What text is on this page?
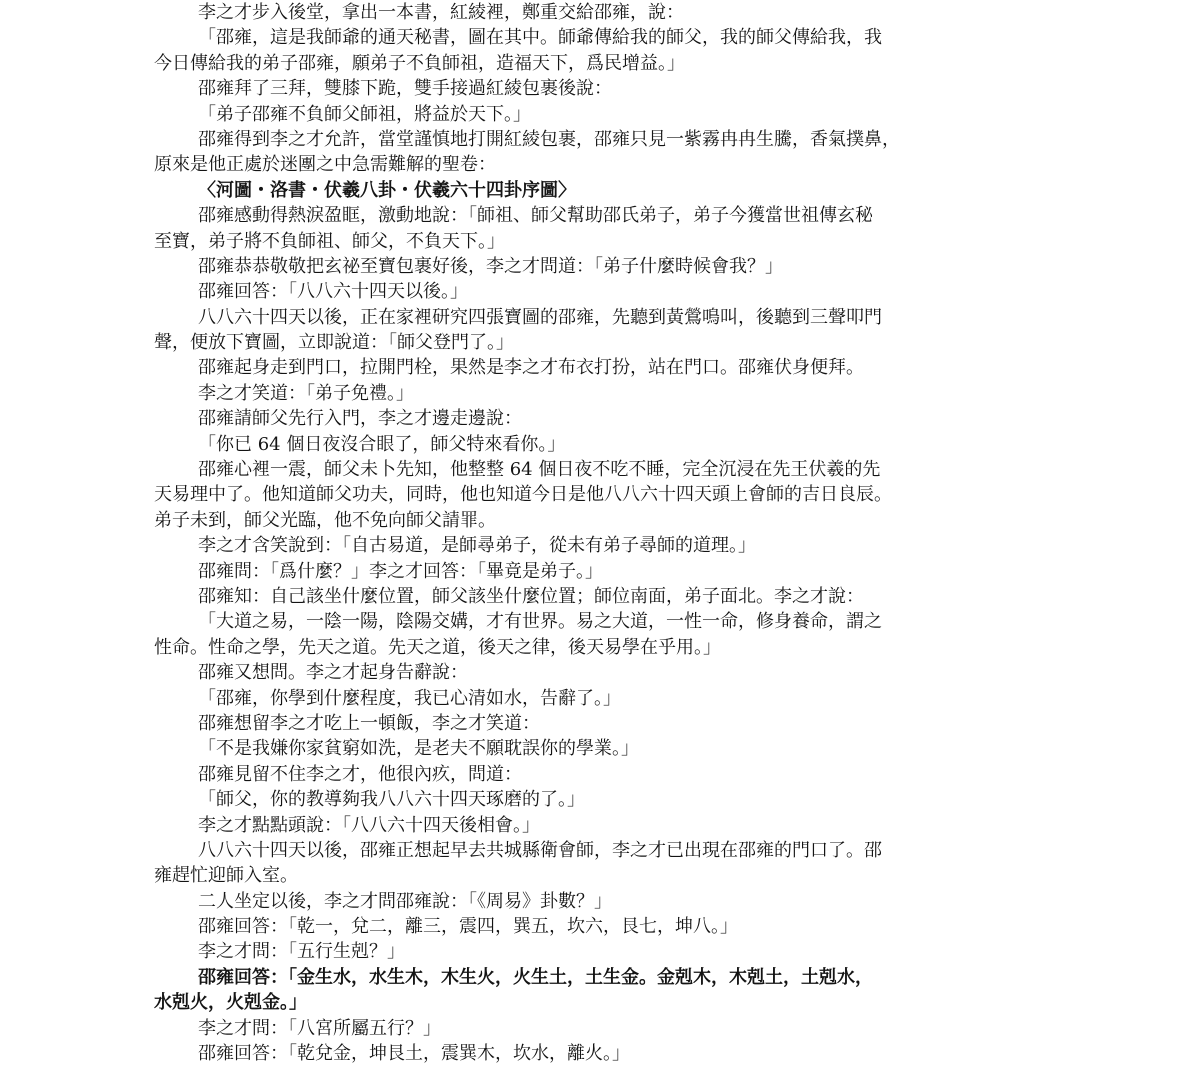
李之才步入後堂，拿出一本書，紅綾裡，鄭重交給邵雍，說：
「邵雍，這是我師爺的通天秘書，圖在其中。師爺傳給我的師父，我的師父傳給我，我
今日傳給我的弟子邵雍，願弟子不負師祖，造福天下，爲民增益。」
邵雍拜了三拜，雙膝下跪，雙手接過紅綾包裹後說：
「弟子邵雍不負師父師祖，將益於天下。」
邵雍得到李之才允許，當堂謹慎地打開紅綾包裹，邵雍只見一紫霧冉冉生騰，香氣撲鼻，
原來是他正處於迷團之中急需難解的聖卷：
〈河圖・洛書・伏羲八卦・伏羲六十四卦序圖〉
邵雍感動得熱淚盈眶，激動地說：「師祖、師父幫助邵氏弟子，弟子今獲當世祖傳玄秘
至寶，弟子將不負師祖、師父，不負天下。」
邵雍恭恭敬敬把玄祕至寶包裹好後，李之才問道：「弟子什麼時候會我？」
邵雍回答：「八八六十四天以後。」
八八六十四天以後，正在家裡研究四張寶圖的邵雍，先聽到黃鶯鳴叫，後聽到三聲叩門
聲，便放下寶圖，立即說道：「師父登門了。」
邵雍起身走到門口，拉開門栓，果然是李之才布衣打扮，站在門口。邵雍伏身便拜。
李之才笑道：「弟子免禮。」
邵雍請師父先行入門，李之才邊走邊說：
「你已 64 個日夜沒合眼了，師父特來看你。」
邵雍心裡一震，師父未卜先知，他整整 64 個日夜不吃不睡，完全沉浸在先王伏羲的先
天易理中了。他知道師父功夫，同時，他也知道今日是他八八六十四天頭上會師的吉日良辰。
弟子未到，師父光臨，他不免向師父請罪。
李之才含笑說到：「自古易道，是師尋弟子，從未有弟子尋師的道理。」
邵雍問：「爲什麼？」李之才回答：「畢竟是弟子。」
邵雍知：自己該坐什麼位置，師父該坐什麼位置；師位南面，弟子面北。李之才說：
「大道之易，一陰一陽，陰陽交媾，才有世界。易之大道，一性一命，修身養命，謂之
性命。性命之學，先天之道。先天之道，後天之律，後天易學在乎用。」
邵雍又想問。李之才起身告辭說：
「邵雍，你學到什麼程度，我已心清如水，告辭了。」
邵雍想留李之才吃上一頓飯，李之才笑道：
「不是我嫌你家貧窮如洗，是老夫不願耽誤你的學業。」
邵雍見留不住李之才，他很內疚，問道：
「師父，你的教導夠我八八六十四天琢磨的了。」
李之才點點頭說：「八八六十四天後相會。」
八八六十四天以後，邵雍正想起早去共城縣衛會師，李之才已出現在邵雍的門口了。邵
雍趕忙迎師入室。
二人坐定以後，李之才問邵雍說：「《周易》卦數？」
邵雍回答：「乾一，兌二，離三，震四，巽五，坎六，艮七，坤八。」
李之才問：「五行生剋？」
邵雍回答：「金生水，水生木，木生火，火生土，土生金。金剋木，木剋土，土剋水，
水剋火，火剋金。」
李之才問：「八宮所屬五行？」
邵雍回答：「乾兌金，坤艮土，震巽木，坎水，離火。」
